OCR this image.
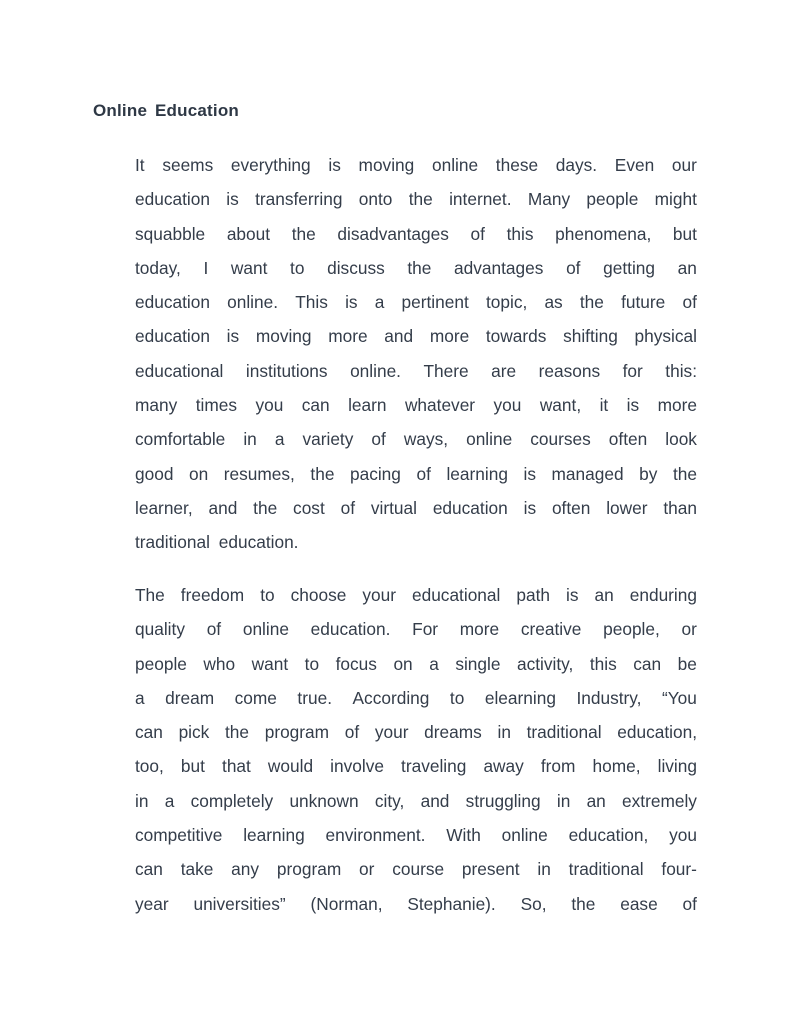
Online Education
It seems everything is moving online these days. Even our
education is transferring onto the internet. Many people might
squabble about the disadvantages of this phenomena, but
today, I want to discuss the advantages of getting an
education online. This is a pertinent topic, as the future of
education is moving more and more towards shifting physical
educational institutions online. There are reasons for this:
many times you can learn whatever you want, it is more
comfortable in a variety of ways, online courses often look
good on resumes, the pacing of learning is managed by the
learner, and the cost of virtual education is often lower than
traditional education.
The freedom to choose your educational path is an enduring
quality of online education. For more creative people, or
people who want to focus on a single activity, this can be
a dream come true. According to elearning Industry, “You
can pick the program of your dreams in traditional education,
too, but that would involve traveling away from home, living
in a completely unknown city, and struggling in an extremely
competitive learning environment. With online education, you
can take any program or course present in traditional four-
year universities” (Norman, Stephanie). So, the ease of
